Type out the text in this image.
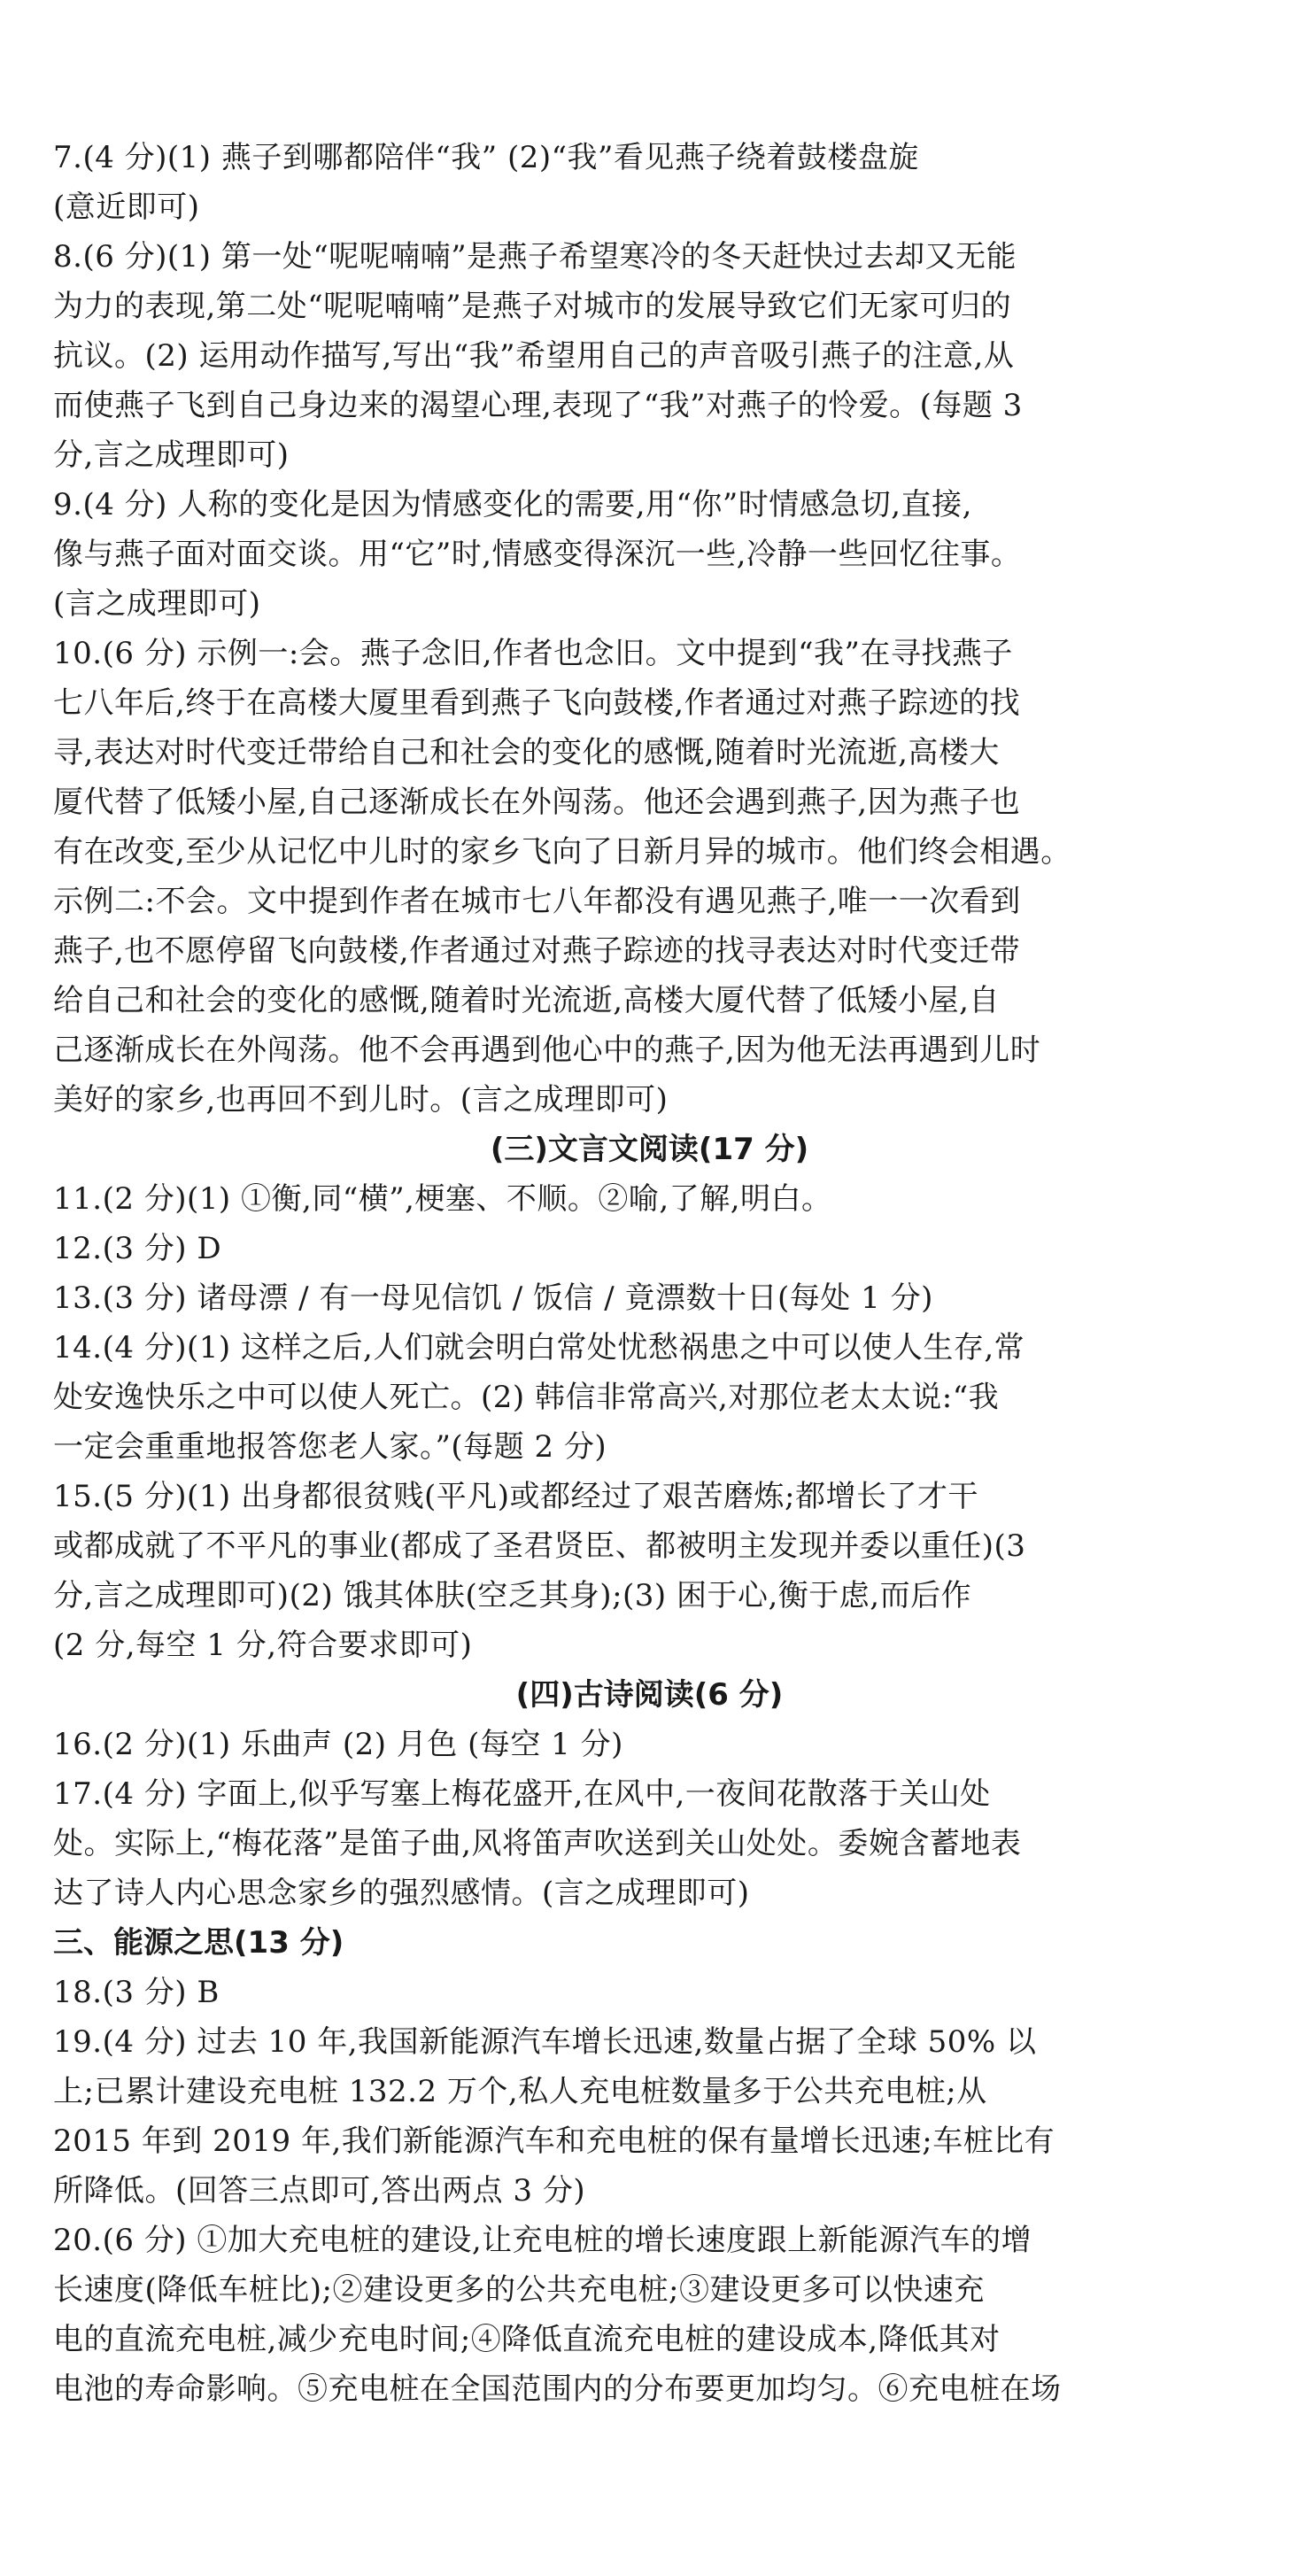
7.(4 分)(1) 燕子到哪都陪伴“我” (2)“我”看见燕子绕着鼓楼盘旋
(意近即可)
8.(6 分)(1) 第一处“呢呢喃喃”是燕子希望寒冷的冬天赶快过去却又无能
为力的表现,第二处“呢呢喃喃”是燕子对城市的发展导致它们无家可归的
抗议。(2) 运用动作描写,写出“我”希望用自己的声音吸引燕子的注意,从
而使燕子飞到自己身边来的渴望心理,表现了“我”对燕子的怜爱。(每题 3
分,言之成理即可)
9.(4 分) 人称的变化是因为情感变化的需要,用“你”时情感急切,直接,
像与燕子面对面交谈。用“它”时,情感变得深沉一些,冷静一些回忆往事。
(言之成理即可)
10.(6 分) 示例一:会。燕子念旧,作者也念旧。文中提到“我”在寻找燕子
七八年后,终于在高楼大厦里看到燕子飞向鼓楼,作者通过对燕子踪迹的找
寻,表达对时代变迁带给自己和社会的变化的感慨,随着时光流逝,高楼大
厦代替了低矮小屋,自己逐渐成长在外闯荡。他还会遇到燕子,因为燕子也
有在改变,至少从记忆中儿时的家乡飞向了日新月异的城市。他们终会相遇。
示例二:不会。文中提到作者在城市七八年都没有遇见燕子,唯一一次看到
燕子,也不愿停留飞向鼓楼,作者通过对燕子踪迹的找寻表达对时代变迁带
给自己和社会的变化的感慨,随着时光流逝,高楼大厦代替了低矮小屋,自
己逐渐成长在外闯荡。他不会再遇到他心中的燕子,因为他无法再遇到儿时
美好的家乡,也再回不到儿时。(言之成理即可)
(三)文言文阅读(17 分)
11.(2 分)(1) ①衡,同“横”,梗塞、不顺。②喻,了解,明白。
12.(3 分) D
13.(3 分) 诸母漂 / 有一母见信饥 / 饭信 / 竟漂数十日(每处 1 分)
14.(4 分)(1) 这样之后,人们就会明白常处忧愁祸患之中可以使人生存,常
处安逸快乐之中可以使人死亡。(2) 韩信非常高兴,对那位老太太说:“我
一定会重重地报答您老人家。”(每题 2 分)
15.(5 分)(1) 出身都很贫贱(平凡)或都经过了艰苦磨炼;都增长了才干
或都成就了不平凡的事业(都成了圣君贤臣、都被明主发现并委以重任)(3
分,言之成理即可)(2) 饿其体肤(空乏其身);(3) 困于心,衡于虑,而后作
(2 分,每空 1 分,符合要求即可)
(四)古诗阅读(6 分)
16.(2 分)(1) 乐曲声 (2) 月色 (每空 1 分)
17.(4 分) 字面上,似乎写塞上梅花盛开,在风中,一夜间花散落于关山处
处。实际上,“梅花落”是笛子曲,风将笛声吹送到关山处处。委婉含蓄地表
达了诗人内心思念家乡的强烈感情。(言之成理即可)
三、能源之思(13 分)
18.(3 分) B
19.(4 分) 过去 10 年,我国新能源汽车增长迅速,数量占据了全球 50% 以
上;已累计建设充电桩 132.2 万个,私人充电桩数量多于公共充电桩;从
2015 年到 2019 年,我们新能源汽车和充电桩的保有量增长迅速;车桩比有
所降低。(回答三点即可,答出两点 3 分)
20.(6 分) ①加大充电桩的建设,让充电桩的增长速度跟上新能源汽车的增
长速度(降低车桩比);②建设更多的公共充电桩;③建设更多可以快速充
电的直流充电桩,减少充电时间;④降低直流充电桩的建设成本,降低其对
电池的寿命影响。⑤充电桩在全国范围内的分布要更加均匀。⑥充电桩在场
